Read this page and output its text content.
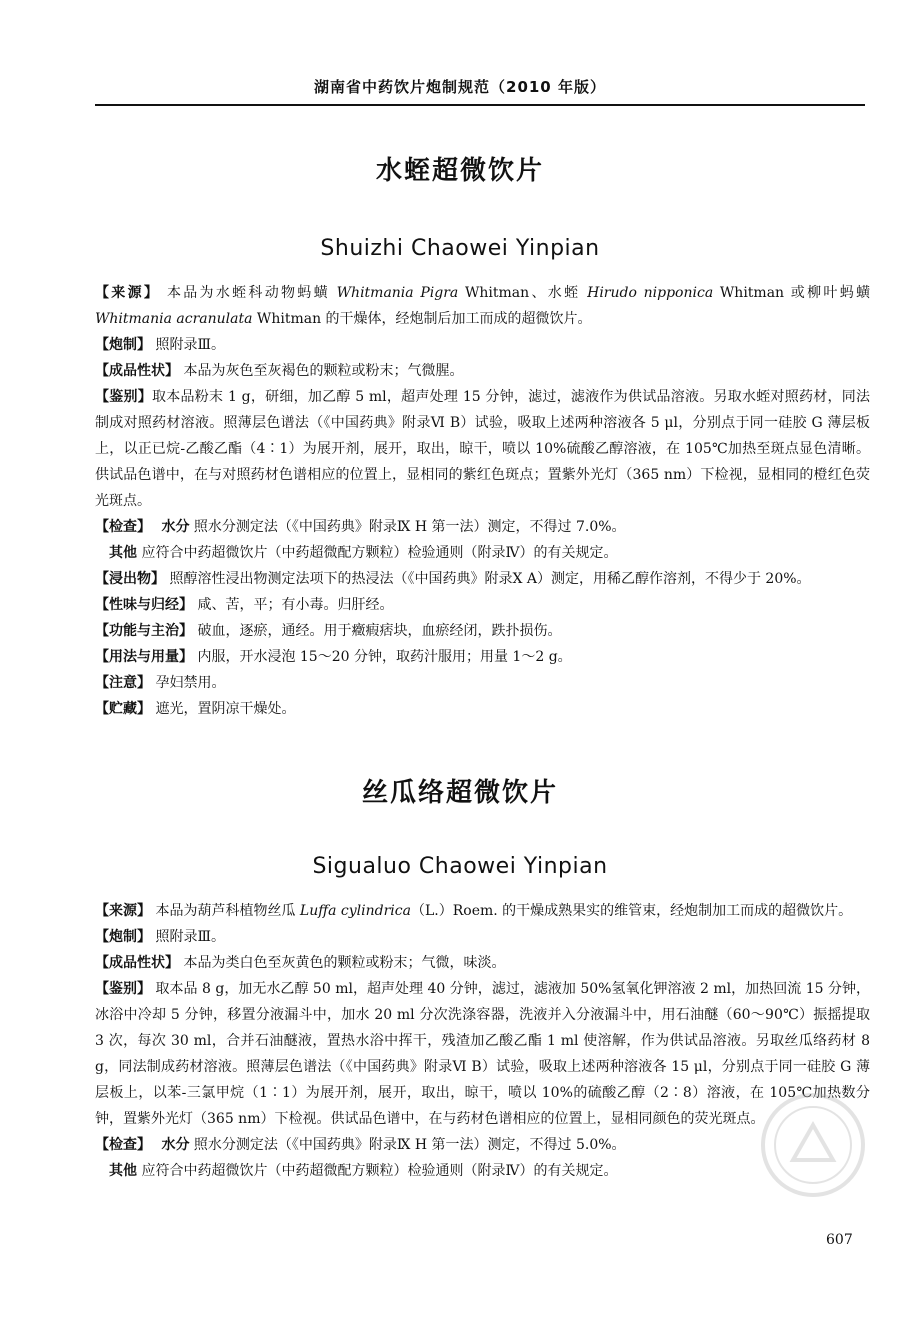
湖南省中药饮片炮制规范（2010 年版）
水蛭超微饮片
Shuizhi Chaowei Yinpian

【来源】 本品为水蛭科动物蚂蟥 Whitmania Pigra Whitman、水蛭 Hirudo nipponica Whitman 或柳叶蚂蟥 Whitmania acranulata Whitman 的干燥体，经炮制后加工而成的超微饮片。

【炮制】 照附录Ⅲ。

【成品性状】 本品为灰色至灰褐色的颗粒或粉末；气微腥。

【鉴别】取本品粉末 1 g，研细，加乙醇 5 ml，超声处理 15 分钟，滤过，滤液作为供试品溶液。另取水蛭对照药材，同法制成对照药材溶液。照薄层色谱法（《中国药典》附录Ⅵ B）试验，吸取上述两种溶液各 5 μl，分别点于同一硅胶 G 薄层板上，以正已烷-乙酸乙酯（4∶1）为展开剂，展开，取出，晾干，喷以 10%硫酸乙醇溶液，在 105℃加热至斑点显色清晰。供试品色谱中，在与对照药材色谱相应的位置上，显相同的紫红色斑点；置紫外光灯（365 nm）下检视，显相同的橙红色荧光斑点。

【检查】 水分 照水分测定法（《中国药典》附录Ⅸ H 第一法）测定，不得过 7.0%。

其他 应符合中药超微饮片（中药超微配方颗粒）检验通则（附录Ⅳ）的有关规定。

【浸出物】 照醇溶性浸出物测定法项下的热浸法（《中国药典》附录Ⅹ A）测定，用稀乙醇作溶剂，不得少于 20%。

【性味与归经】 咸、苦，平；有小毒。归肝经。

【功能与主治】 破血，逐瘀，通经。用于癥瘕痞块，血瘀经闭，跌扑损伤。

【用法与用量】 内服，开水浸泡 15～20 分钟，取药汁服用；用量 1～2 g。

【注意】 孕妇禁用。

【贮藏】 遮光，置阴凉干燥处。

丝瓜络超微饮片
Sigualuo Chaowei Yinpian

【来源】 本品为葫芦科植物丝瓜 Luffa cylindrica（L.）Roem. 的干燥成熟果实的维管束，经炮制加工而成的超微饮片。

【炮制】 照附录Ⅲ。

【成品性状】 本品为类白色至灰黄色的颗粒或粉末；气微，味淡。

【鉴别】 取本品 8 g，加无水乙醇 50 ml，超声处理 40 分钟，滤过，滤液加 50%氢氧化钾溶液 2 ml，加热回流 15 分钟，冰浴中冷却 5 分钟，移置分液漏斗中，加水 20 ml 分次洗涤容器，洗液并入分液漏斗中，用石油醚（60～90℃）振摇提取 3 次，每次 30 ml，合并石油醚液，置热水浴中挥干，残渣加乙酸乙酯 1 ml 使溶解，作为供试品溶液。另取丝瓜络药材 8 g，同法制成药材溶液。照薄层色谱法（《中国药典》附录Ⅵ B）试验，吸取上述两种溶液各 15 μl，分别点于同一硅胶 G 薄层板上，以苯-三氯甲烷（1∶1）为展开剂，展开，取出，晾干，喷以 10%的硫酸乙醇（2∶8）溶液，在 105℃加热数分钟，置紫外光灯（365 nm）下检视。供试品色谱中，在与药材色谱相应的位置上，显相同颜色的荧光斑点。

【检查】 水分 照水分测定法（《中国药典》附录Ⅸ H 第一法）测定，不得过 5.0%。

其他 应符合中药超微饮片（中药超微配方颗粒）检验通则（附录Ⅳ）的有关规定。

607
